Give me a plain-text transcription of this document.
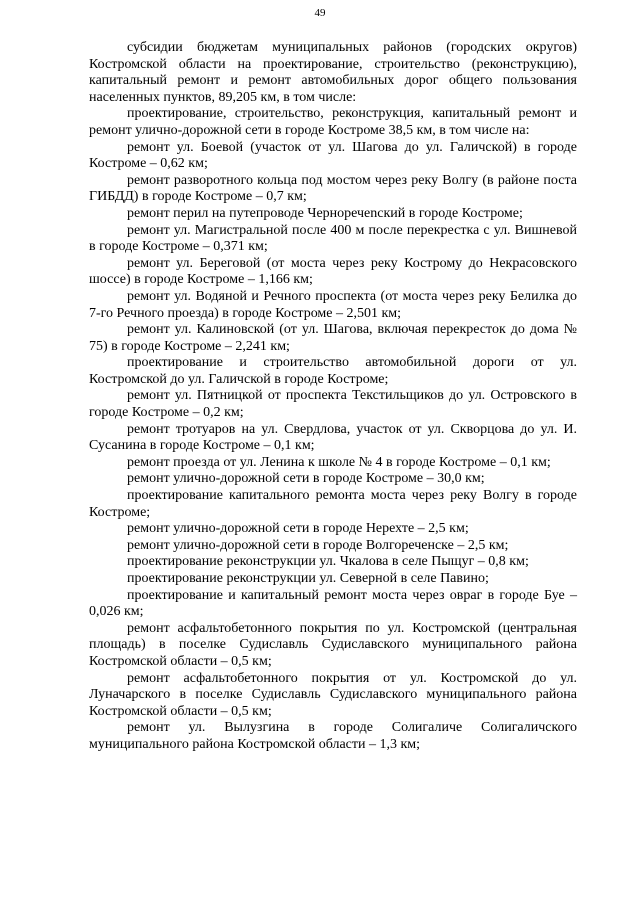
49

субсидии бюджетам муниципальных районов (городских округов) Костромской области на проектирование, строительство (реконструкцию), капитальный ремонт и ремонт автомобильных дорог общего пользования населенных пунктов, 89,205 км, в том числе:

проектирование, строительство, реконструкция, капитальный ремонт и ремонт улично-дорожной сети в городе Костроме 38,5 км, в том числе на:

ремонт ул. Боевой (участок от ул. Шагова до ул. Галичской) в городе Костроме – 0,62 км;

ремонт разворотного кольца под мостом через реку Волгу (в районе поста ГИБДД) в городе Костроме – 0,7 км;

ремонт перил на путепроводе Черноречenский в городе Костроме;

ремонт ул. Магистральной после 400 м после перекрестка с ул. Вишневой в городе Костроме – 0,371 км;

ремонт ул. Береговой (от моста через реку Кострому до Некрасовского шоссе) в городе Костроме – 1,166 км;

ремонт ул. Водяной и Речного проспекта (от моста через реку Белилка до 7-го Речного проезда) в городе Костроме – 2,501 км;

ремонт ул. Калиновской (от ул. Шагова, включая перекресток до дома № 75) в городе Костроме – 2,241 км;

проектирование и строительство автомобильной дороги от ул. Костромской до ул. Галичской в городе Костроме;

ремонт ул. Пятницкой от проспекта Текстильщиков до ул. Островского в городе Костроме – 0,2 км;

ремонт тротуаров на ул. Свердлова, участок от ул. Скворцова до ул. И. Сусанина в городе Костроме – 0,1 км;

ремонт проезда от ул. Ленина к школе № 4 в городе Костроме – 0,1 км;

ремонт улично-дорожной сети в городе Костроме – 30,0 км;

проектирование капитального ремонта моста через реку Волгу в городе Костроме;

ремонт улично-дорожной сети в городе Нерехте – 2,5 км;

ремонт улично-дорожной сети в городе Волгореченске – 2,5 км;

проектирование реконструкции ул. Чкалова в селе Пыщуг – 0,8 км;

проектирование реконструкции ул. Северной в селе Павино;

проектирование и капитальный ремонт моста через овраг в городе Буе – 0,026 км;

ремонт асфальтобетонного покрытия по ул. Костромской (центральная площадь) в поселке Судиславль Судиславского муниципального района Костромской области – 0,5 км;

ремонт асфальтобетонного покрытия от ул. Костромской до ул. Луначарского в поселке Судиславль Судиславского муниципального района Костромской области – 0,5 км;

ремонт ул. Вылузгина в городе Солигаличе Солигаличского муниципального района Костромской области – 1,3 км;
